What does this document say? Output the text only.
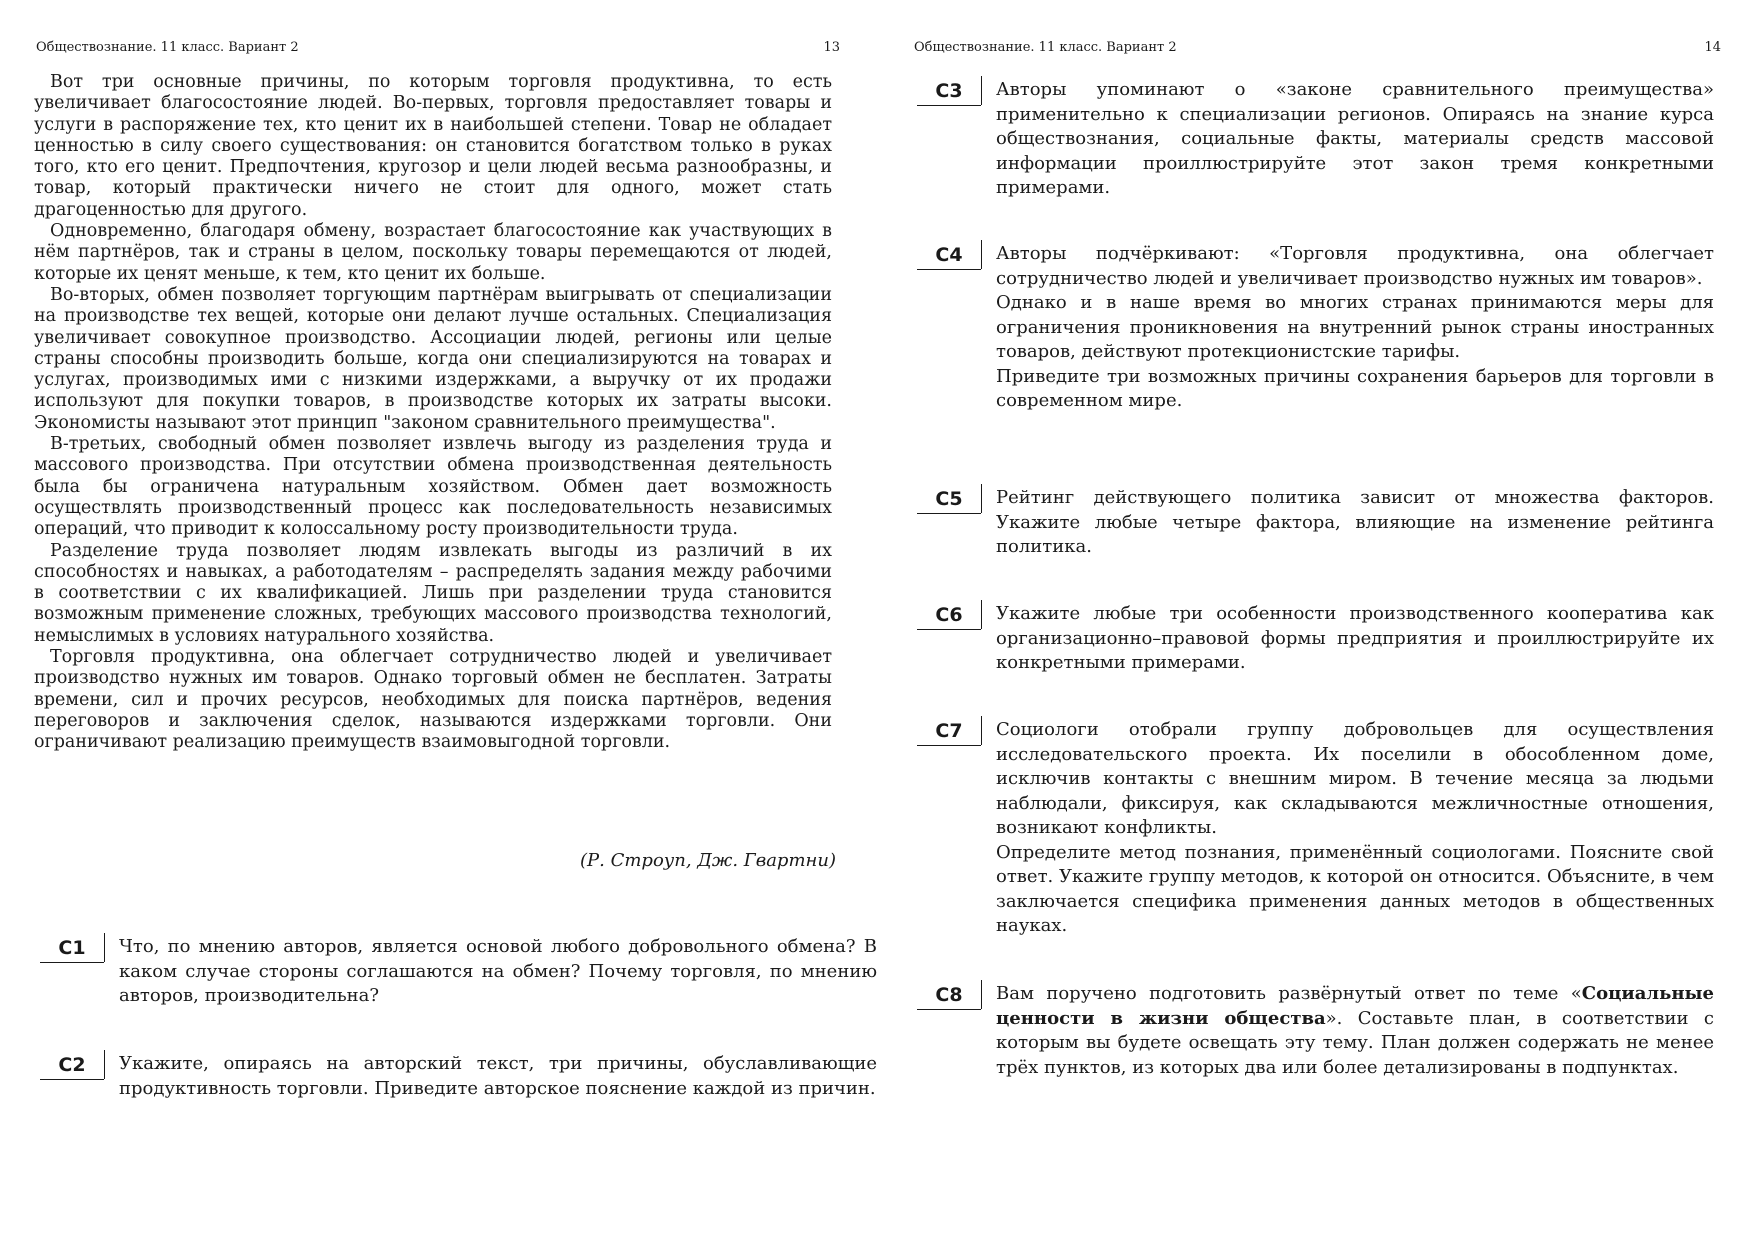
Обществознание. 11 класс. Вариант 2	13

Вот три основные причины, по которым торговля продуктивна, то есть увеличивает благосостояние людей. Во-первых, торговля предоставляет товары и услуги в распоряжение тех, кто ценит их в наибольшей степени. Товар не обладает ценностью в силу своего существования: он становится богатством только в руках того, кто его ценит. Предпочтения, кругозор и цели людей весьма разнообразны, и товар, который практически ничего не стоит для одного, может стать драгоценностью для другого.

Одновременно, благодаря обмену, возрастает благосостояние как участвующих в нём партнёров, так и страны в целом, поскольку товары перемещаются от людей, которые их ценят меньше, к тем, кто ценит их больше.

Во-вторых, обмен позволяет торгующим партнёрам выигрывать от специализации на производстве тех вещей, которые они делают лучше остальных. Специализация увеличивает совокупное производство. Ассоциации людей, регионы или целые страны способны производить больше, когда они специализируются на товарах и услугах, производимых ими с низкими издержками, а выручку от их продажи используют для покупки товаров, в производстве которых их затраты высоки. Экономисты называют этот принцип "законом сравнительного преимущества".

В-третьих, свободный обмен позволяет извлечь выгоду из разделения труда и массового производства. При отсутствии обмена производственная деятельность была бы ограничена натуральным хозяйством. Обмен дает возможность осуществлять производственный процесс как последовательность независимых операций, что приводит к колоссальному росту производительности труда.

Разделение труда позволяет людям извлекать выгоды из различий в их способностях и навыках, а работодателям – распределять задания между рабочими в соответствии с их квалификацией. Лишь при разделении труда становится возможным применение сложных, требующих массового производства технологий, немыслимых в условиях натурального хозяйства.

Торговля продуктивна, она облегчает сотрудничество людей и увеличивает производство нужных им товаров. Однако торговый обмен не бесплатен. Затраты времени, сил и прочих ресурсов, необходимых для поиска партнёров, ведения переговоров и заключения сделок, называются издержками торговли. Они ограничивают реализацию преимуществ взаимовыгодной торговли.

(Р. Строуп, Дж. Гвартни)
C1	Что, по мнению авторов, является основой любого добровольного обмена? В каком случае стороны соглашаются на обмен? Почему торговля, по мнению авторов, производительна?

C2	Укажите, опираясь на авторский текст, три причины, обуславливающие продуктивность торговли. Приведите авторское пояснение каждой из причин.

Обществознание. 11 класс. Вариант 2	14
C3	Авторы упоминают о «законе сравнительного преимущества» применительно к специализации регионов. Опираясь на знание курса обществознания, социальные факты, материалы средств массовой информации проиллюстрируйте этот закон тремя конкретными примерами.

C4	Авторы подчёркивают: «Торговля продуктивна, она облегчает сотрудничество людей и увеличивает производство нужных им товаров».

Однако и в наше время во многих странах принимаются меры для ограничения проникновения на внутренний рынок страны иностранных товаров, действуют протекционистские тарифы.

Приведите три возможных причины сохранения барьеров для торговли в современном мире.

C5	Рейтинг действующего политика зависит от множества факторов. Укажите любые четыре фактора, влияющие на изменение рейтинга политика.

C6	Укажите любые три особенности производственного кооператива как организационно–правовой формы предприятия и проиллюстрируйте их конкретными примерами.

C7	Социологи отобрали группу добровольцев для осуществления исследовательского проекта. Их поселили в обособленном доме, исключив контакты с внешним миром. В течение месяца за людьми наблюдали, фиксируя, как складываются межличностные отношения, возникают конфликты.

Определите метод познания, применённый социологами. Поясните свой ответ. Укажите группу методов, к которой он относится. Объясните, в чем заключается специфика применения данных методов в общественных науках.

C8	Вам поручено подготовить развёрнутый ответ по теме «Социальные ценности в жизни общества». Составьте план, в соответствии с которым вы будете освещать эту тему. План должен содержать не менее трёх пунктов, из которых два или более детализированы в подпунктах.
